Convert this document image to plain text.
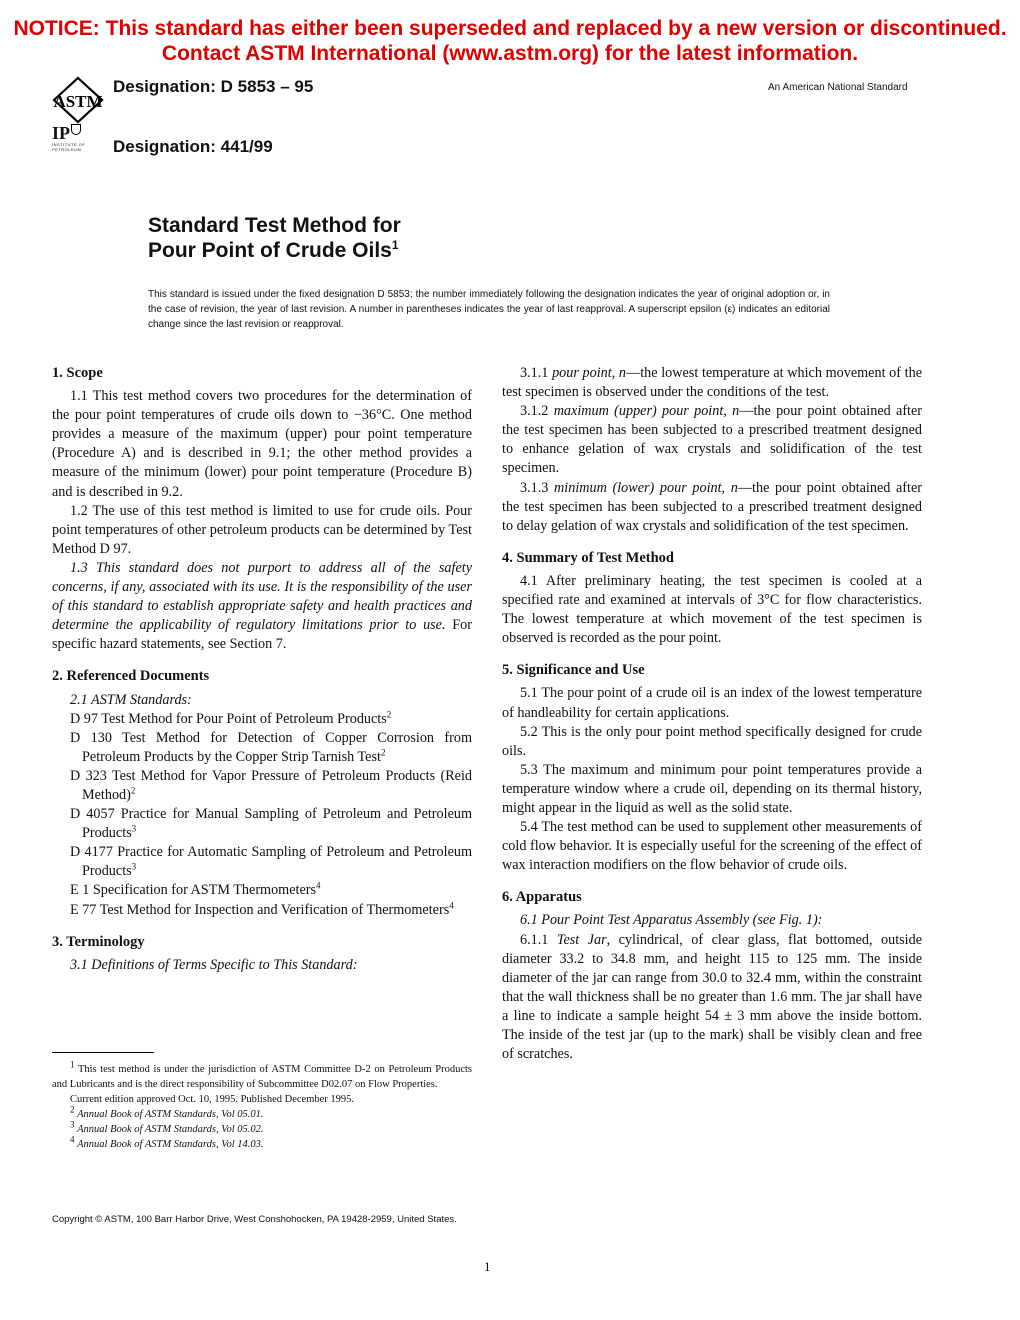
NOTICE: This standard has either been superseded and replaced by a new version or discontinued.
Contact ASTM International (www.astm.org) for the latest information.
ASTM
Designation: D 5853 – 95	An American National Standard
IP
INSTITUTE OF
PETROLEUM	Designation: 441/99
Standard Test Method for
Pour Point of Crude Oils$^1$
This standard is issued under the fixed designation D 5853; the number immediately following the designation indicates the year of original adoption or, in the case of revision, the year of last revision. A number in parentheses indicates the year of last reapproval. A superscript epsilon (ε) indicates an editorial change since the last revision or reapproval.
1. Scope

1.1 This test method covers two procedures for the determination of the pour point temperatures of crude oils down to −36°C. One method provides a measure of the maximum (upper) pour point temperature (Procedure A) and is described in 9.1; the other method provides a measure of the minimum (lower) pour point temperature (Procedure B) and is described in 9.2.

1.2 The use of this test method is limited to use for crude oils. Pour point temperatures of other petroleum products can be determined by Test Method D 97.

1.3 This standard does not purport to address all of the safety concerns, if any, associated with its use. It is the responsibility of the user of this standard to establish appropriate safety and health practices and determine the applicability of regulatory limitations prior to use. For specific hazard statements, see Section 7.

2. Referenced Documents

2.1 ASTM Standards:

D 97 Test Method for Pour Point of Petroleum Products$^2$

D 130 Test Method for Detection of Copper Corrosion from Petroleum Products by the Copper Strip Tarnish Test$^2$

D 323 Test Method for Vapor Pressure of Petroleum Products (Reid Method)$^2$

D 4057 Practice for Manual Sampling of Petroleum and Petroleum Products$^3$

D 4177 Practice for Automatic Sampling of Petroleum and Petroleum Products$^3$

E 1 Specification for ASTM Thermometers$^4$

E 77 Test Method for Inspection and Verification of Thermometers$^4$

3. Terminology

3.1 Definitions of Terms Specific to This Standard:

$^1$ This test method is under the jurisdiction of ASTM Committee D-2 on Petroleum Products and Lubricants and is the direct responsibility of Subcommittee D02.07 on Flow Properties.

Current edition approved Oct. 10, 1995. Published December 1995.

$^2$ Annual Book of ASTM Standards, Vol 05.01.

$^3$ Annual Book of ASTM Standards, Vol 05.02.

$^4$ Annual Book of ASTM Standards, Vol 14.03.

3.1.1 pour point, n—the lowest temperature at which movement of the test specimen is observed under the conditions of the test.

3.1.2 maximum (upper) pour point, n—the pour point obtained after the test specimen has been subjected to a prescribed treatment designed to enhance gelation of wax crystals and solidification of the test specimen.

3.1.3 minimum (lower) pour point, n—the pour point obtained after the test specimen has been subjected to a prescribed treatment designed to delay gelation of wax crystals and solidification of the test specimen.

4. Summary of Test Method

4.1 After preliminary heating, the test specimen is cooled at a specified rate and examined at intervals of 3°C for flow characteristics. The lowest temperature at which movement of the test specimen is observed is recorded as the pour point.

5. Significance and Use

5.1 The pour point of a crude oil is an index of the lowest temperature of handleability for certain applications.

5.2 This is the only pour point method specifically designed for crude oils.

5.3 The maximum and minimum pour point temperatures provide a temperature window where a crude oil, depending on its thermal history, might appear in the liquid as well as the solid state.

5.4 The test method can be used to supplement other measurements of cold flow behavior. It is especially useful for the screening of the effect of wax interaction modifiers on the flow behavior of crude oils.

6. Apparatus

6.1 Pour Point Test Apparatus Assembly (see Fig. 1):

6.1.1 Test Jar, cylindrical, of clear glass, flat bottomed, outside diameter 33.2 to 34.8 mm, and height 115 to 125 mm. The inside diameter of the jar can range from 30.0 to 32.4 mm, within the constraint that the wall thickness shall be no greater than 1.6 mm. The jar shall have a line to indicate a sample height 54 ± 3 mm above the inside bottom. The inside of the test jar (up to the mark) shall be visibly clean and free of scratches.

Copyright © ASTM, 100 Barr Harbor Drive, West Conshohocken, PA 19428-2959, United States.
1
